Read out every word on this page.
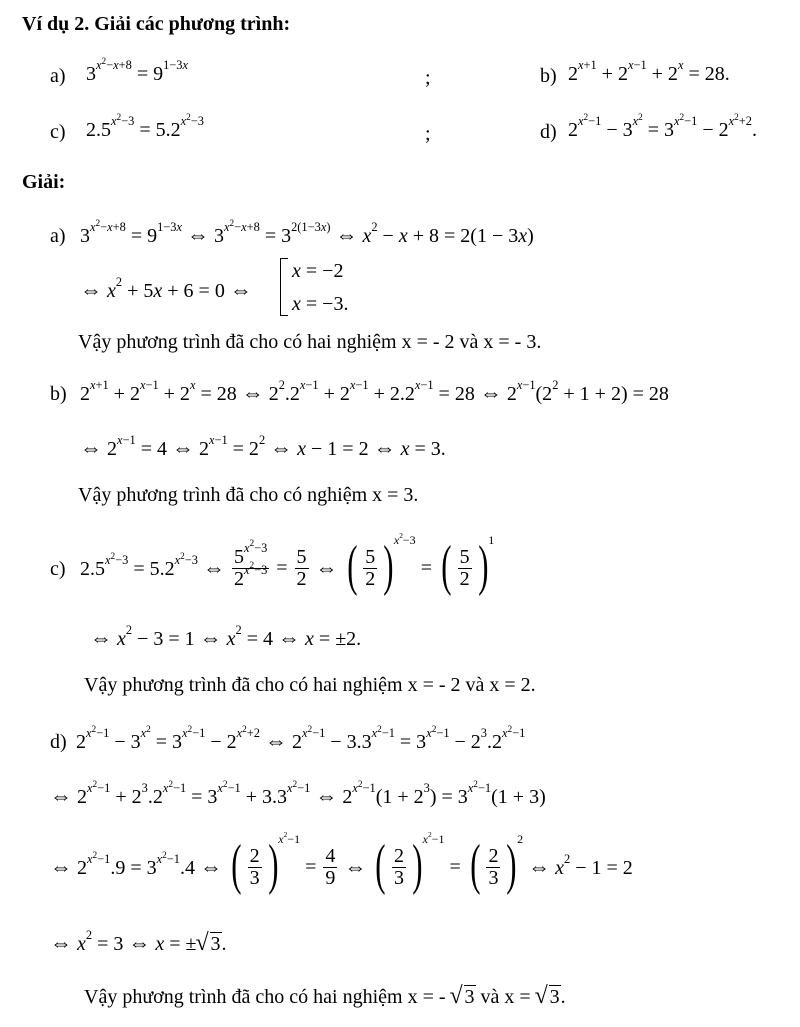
Ví dụ 2. Giải các phương trình:
a) $3^{x^2-x+8} = 9^{1-3x}$
;	b) $2^{x+1} + 2^{x-1} + 2^x = 28$.
c) $2.5^{x^2-3} = 5.2^{x^2-3}$
;	d) $2^{x^2-1} - 3^{x^2} = 3^{x^2-1} - 2^{x^2+2}$.
Giải:
a) $3^{x^2-x+8} = 9^{1-3x}$ ⇔ $3^{x^2-x+8} = 3^{2(1-3x)}$ ⇔ $x^2 - x + 8 = 2(1 - 3x)$
⇔ $x^2 + 5x + 6 = 0$ ⇔
x = −2
x = −3.
Vậy phương trình đã cho có hai nghiệm x = - 2 và x = - 3.
b) $2^{x+1} + 2^{x-1} + 2^x = 28$ ⇔ $2^2.2^{x-1} + 2^{x-1} + 2.2^{x-1} = 28$ ⇔ $2^{x-1}(2^2 + 1 + 2) = 28$
⇔ $2^{x-1} = 4$ ⇔ $2^{x-1} = 2^2$ ⇔ x − 1 = 2 ⇔ x = 3.
Vậy phương trình đã cho có nghiệm x = 3.
c) $2.5^{x^2-3} = 5.2^{x^2-3}$ ⇔ $\frac{5^{x^2-3}}{2^{x^2-3}} = \frac{5}{2}$ ⇔ ( $\frac{5}{2}$ ) $x^2-3$
= ( $\frac{5}{2}$ ) 1
⇔ $x^2 - 3 = 1$ ⇔ $x^2 = 4$ ⇔ x = ±2.
Vậy phương trình đã cho có hai nghiệm x = - 2 và x = 2.
d) $2^{x^2-1} - 3^{x^2} = 3^{x^2-1} - 2^{x^2+2}$ ⇔ $2^{x^2-1} - 3.3^{x^2-1} = 3^{x^2-1} - 2^3.2^{x^2-1}$
⇔ $2^{x^2-1} + 2^3.2^{x^2-1} = 3^{x^2-1} + 3.3^{x^2-1}$ ⇔ $2^{x^2-1}(1 + 2^3) = 3^{x^2-1}(1 + 3)$
⇔ $2^{x^2-1}.9 = 3^{x^2-1}.4$ ⇔ ( $\frac{2}{3}$ ) $x^2-1$
= $\frac{4}{9}$ ⇔ ( $\frac{2}{3}$ ) $x^2-1$
= ( $\frac{2}{3}$ ) 2
⇔ $x^2 - 1 = 2$
⇔ $x^2 = 3$ ⇔ x = ± √ 3.
Vậy phương trình đã cho có hai nghiệm x = - √ 3 và x = √ 3.
